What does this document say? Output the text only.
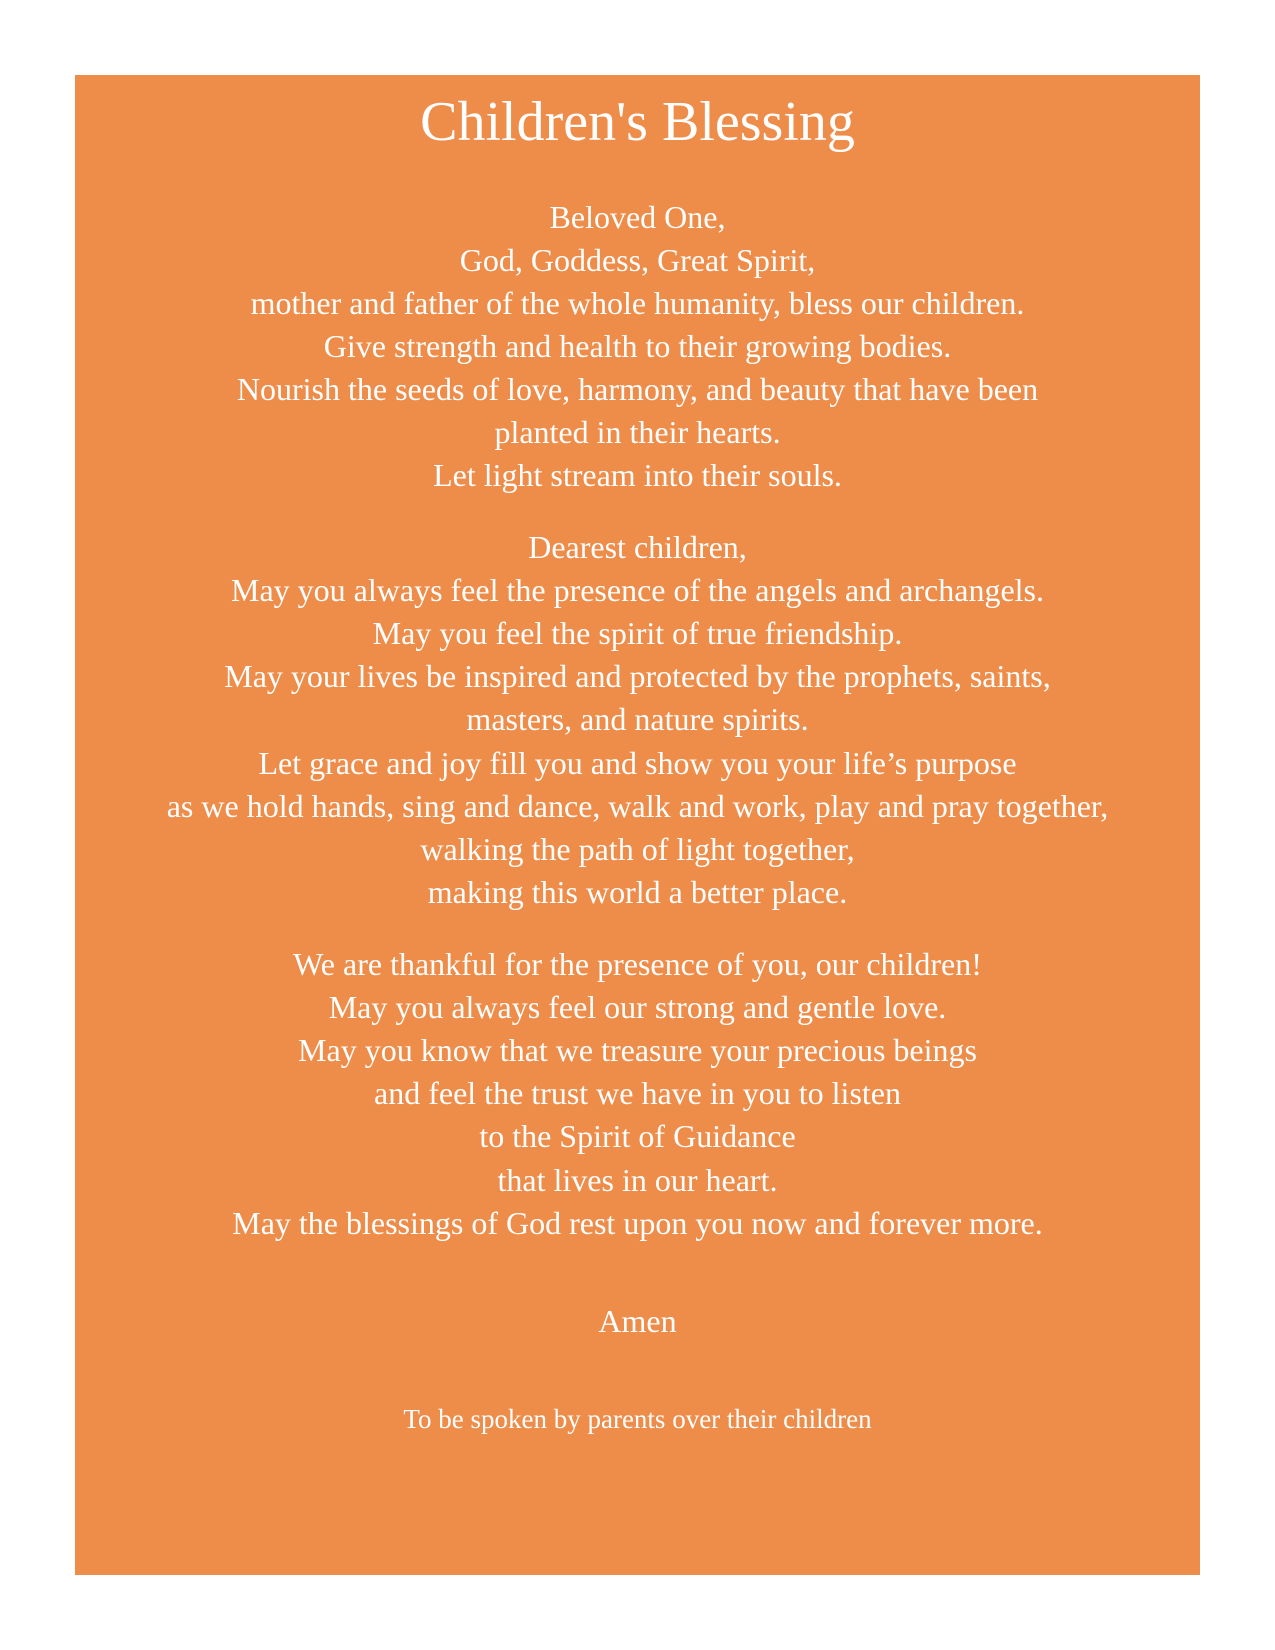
Children's Blessing
Beloved One,
God, Goddess, Great Spirit,
mother and father of the whole humanity, bless our children.
Give strength and health to their growing bodies.
Nourish the seeds of love, harmony, and beauty that have been
planted in their hearts.
Let light stream into their souls.
Dearest children,
May you always feel the presence of the angels and archangels.
May you feel the spirit of true friendship.
May your lives be inspired and protected by the prophets, saints,
masters, and nature spirits.
Let grace and joy fill you and show you your life’s purpose
as we hold hands, sing and dance, walk and work, play and pray together,
walking the path of light together,
making this world a better place.
We are thankful for the presence of you, our children!
May you always feel our strong and gentle love.
May you know that we treasure your precious beings
and feel the trust we have in you to listen
to the Spirit of Guidance
that lives in our heart.
May the blessings of God rest upon you now and forever more.
Amen
To be spoken by parents over their children
